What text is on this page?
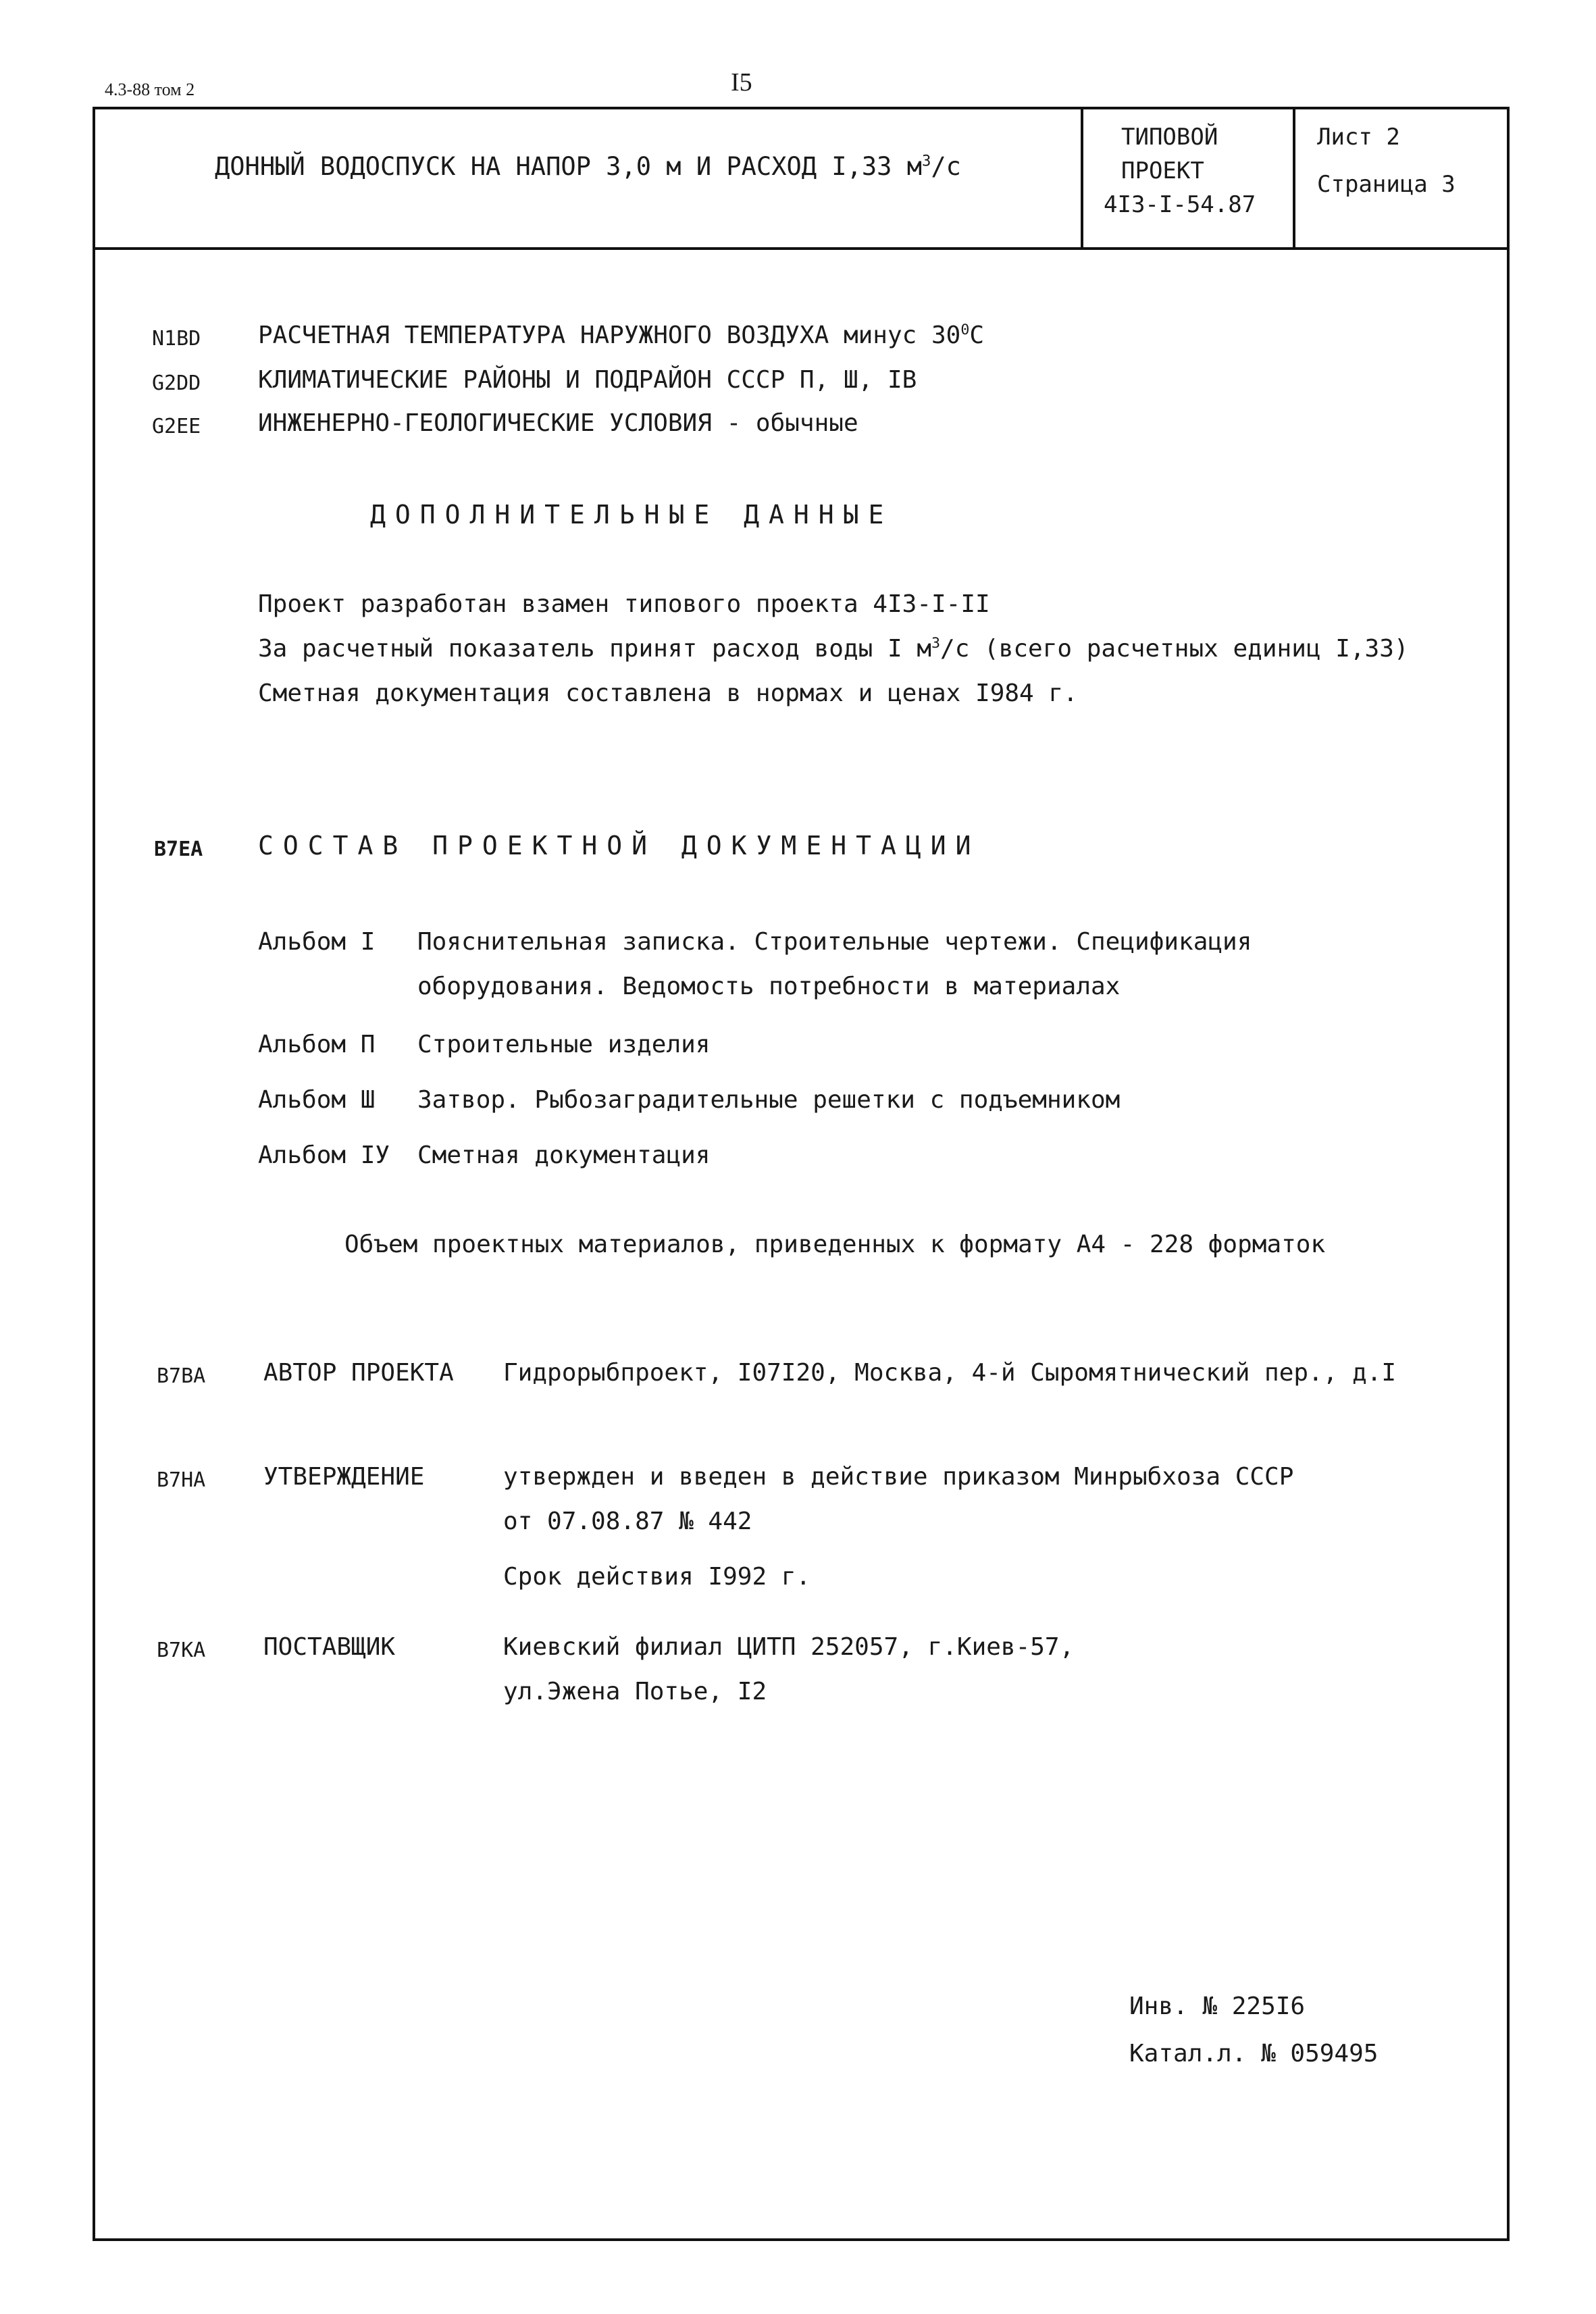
4.3-88 том 2	I5
ДОННЫЙ ВОДОСПУСК НА НАПОР 3,0 м И РАСХОД I,33 $м^3/с$
ТИПОВОЙ
ПРОЕКТ
4I3-I-54.87
Лист 2
Страница 3
N1BD РАСЧЕТНАЯ ТЕМПЕРАТУРА НАРУЖНОГО ВОЗДУХА минус $30^0С$
G2DD КЛИМАТИЧЕСКИЕ РАЙОНЫ И ПОДРАЙОН СССР П, Ш, IВ
G2EE ИНЖЕНЕРНО-ГЕОЛОГИЧЕСКИЕ УСЛОВИЯ - обычные
ДОПОЛНИТЕЛЬНЫЕ ДАННЫЕ
Проект разработан взамен типового проекта 4I3-I-II
За расчетный показатель принят расход воды I $м^3/с$ (всего расчетных единиц I,33)
Сметная документация составлена в нормах и ценах I984 г.
B7EA СОСТАВ ПРОЕКТНОЙ ДОКУМЕНТАЦИИ
Альбом I Пояснительная записка. Строительные чертежи. Спецификация
оборудования. Ведомость потребности в материалах
Альбом П Строительные изделия
Альбом Ш Затвор. Рыбозаградительные решетки с подъемником
Альбом IУ Сметная документация
Объем проектных материалов, приведенных к формату А4 - 228 форматок
B7BA АВТОР ПРОЕКТА Гидрорыбпроект, I07I20, Москва, 4-й Сыромятнический пер., д.I
B7HA УТВЕРЖДЕНИЕ	утвержден и введен в действие приказом Минрыбхоза СССР
от 07.08.87 № 442
Срок действия I992 г.
B7KA ПОСТАВЩИК	Киевский филиал ЦИТП 252057, г.Киев-57,
ул.Эжена Потье, I2
Инв. № 225I6
Катал.л. № 059495
